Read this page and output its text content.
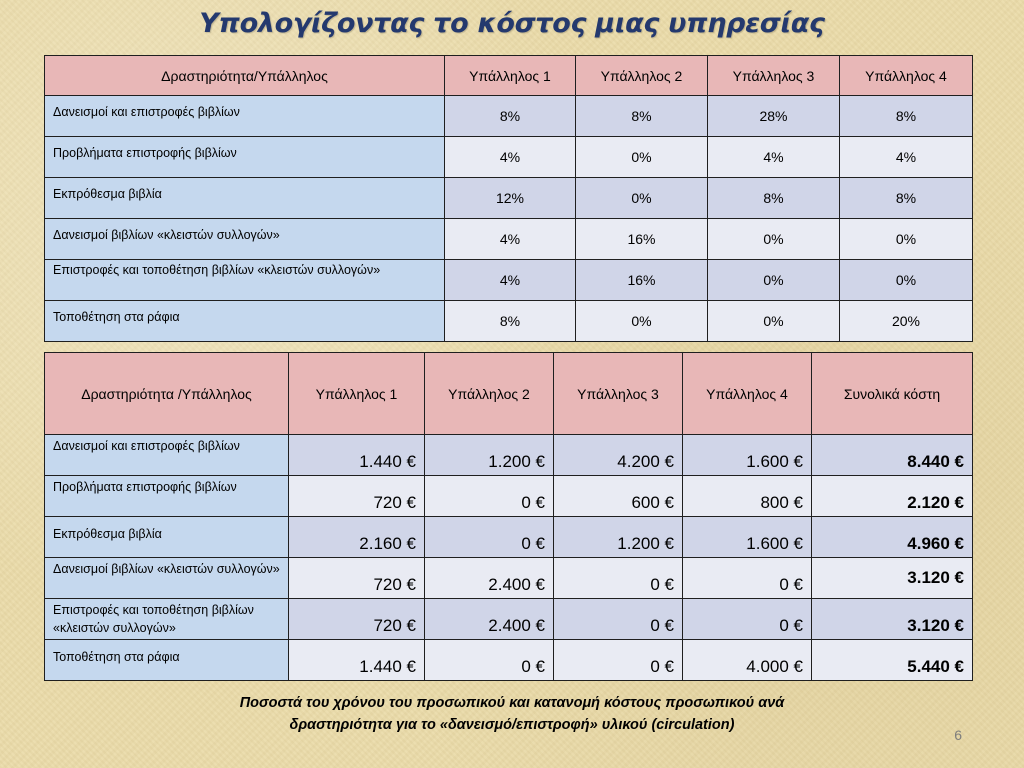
Υπολογίζοντας το κόστος μιας υπηρεσίας
Δραστηριότητα/Υπάλληλος	Υπάλληλος 1	Υπάλληλος 2	Υπάλληλος 3	Υπάλληλος 4
Δανεισμοί και επιστροφές βιβλίων	8%	8%	28%	8%
Προβλήματα επιστροφής βιβλίων	4%	0%	4%	4%
Εκπρόθεσμα βιβλία	12%	0%	8%	8%
Δανεισμοί βιβλίων «κλειστών συλλογών»	4%	16%	0%	0%
Επιστροφές και τοποθέτηση βιβλίων «κλειστών συλλογών»	4%	16%	0%	0%
Τοποθέτηση στα ράφια	8%	0%	0%	20%
Δραστηριότητα /Υπάλληλος	Υπάλληλος 1	Υπάλληλος 2	Υπάλληλος 3	Υπάλληλος 4	Συνολικά κόστη
Δανεισμοί και επιστροφές βιβλίων	1.440 €	1.200 €	4.200 €	1.600 €	8.440 €
Προβλήματα επιστροφής βιβλίων	720 €	0 €	600 €	800 €	2.120 €
Εκπρόθεσμα βιβλία	2.160 €	0 €	1.200 €	1.600 €	4.960 €
Δανεισμοί βιβλίων «κλειστών συλλογών»	720 €	2.400 €	0 €	0 €	3.120 €
Επιστροφές και τοποθέτηση βιβλίων «κλειστών συλλογών»	720 €	2.400 €	0 €	0 €	3.120 €
Τοποθέτηση στα ράφια	1.440 €	0 €	0 €	4.000 €	5.440 €
Ποσοστά του χρόνου του προσωπικού και κατανομή κόστους προσωπικού ανά
δραστηριότητα για το «δανεισμό/επιστροφή» υλικού (circulation)
6
